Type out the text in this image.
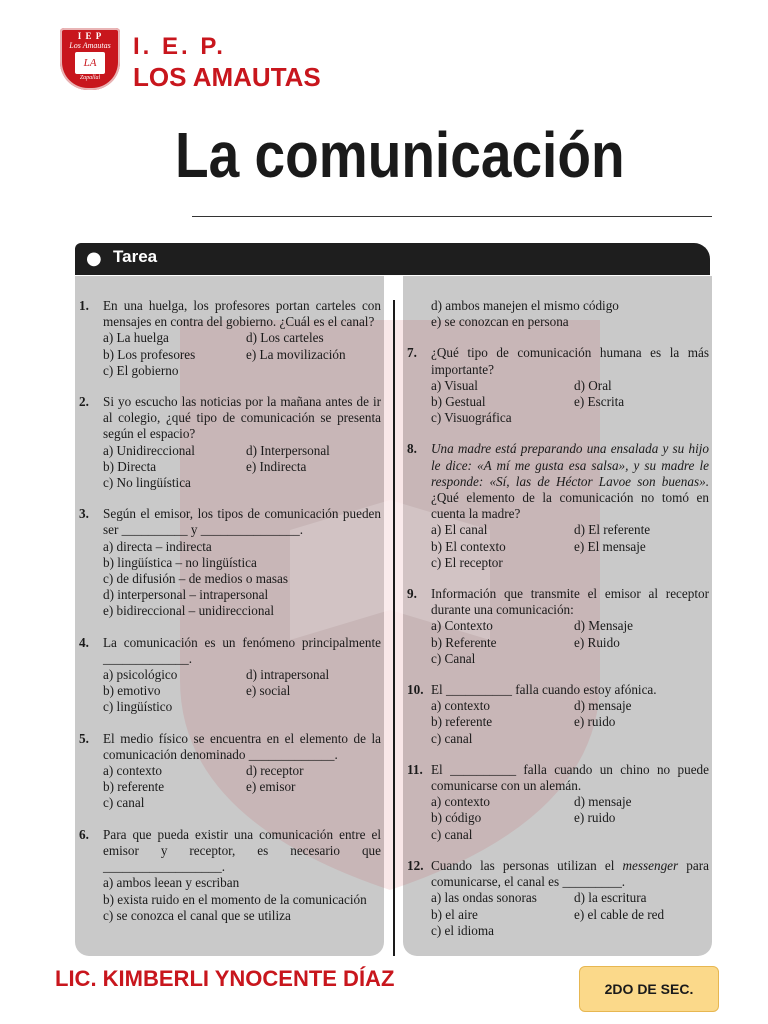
I E P
Los Amautas
LA
Zapallal
I. E. P.
LOS AMAUTAS
La comunicación
● Tarea
1.	En una huelga, los profesores portan carteles con mensajes en contra del gobierno. ¿Cuál es el canal?
a) La huelga	d) Los carteles
b) Los profesores	e) La movilización
c) El gobierno
2.	Si yo escucho las noticias por la mañana antes de ir al colegio, ¿qué tipo de comunicación se presenta según el espacio?
a) Unidireccional	d) Interpersonal
b) Directa	e) Indirecta
c) No lingüística
3.	Según el emisor, los tipos de comunicación pueden ser __________ y _______________.
a) directa – indirecta
b) lingüística – no lingüística
c) de difusión – de medios o masas
d) interpersonal – intrapersonal
e) bidireccional – unidireccional
4.	La comunicación es un fenómeno principalmente _____________.
a) psicológico	d) intrapersonal
b) emotivo	e) social
c) lingüístico
5.	El medio físico se encuentra en el elemento de la comunicación denominado _____________.
a) contexto	d) receptor
b) referente	e) emisor
c) canal
6.	Para que pueda existir una comunicación entre el emisor y receptor, es necesario que __________________.
a) ambos leean y escriban
b) exista ruido en el momento de la comunicación
c) se conozca el canal que se utiliza
d) ambos manejen el mismo código
e) se conozcan en persona
7.	¿Qué tipo de comunicación humana es la más importante?
a) Visual	d) Oral
b) Gestual	e) Escrita
c) Visuográfica
8.	Una madre está preparando una ensalada y su hijo le dice: «A mí me gusta esa salsa», y su madre le responde: «Sí, las de Héctor Lavoe son buenas». ¿Qué elemento de la comunicación no tomó en cuenta la madre?
a) El canal	d) El referente
b) El contexto	e) El mensaje
c) El receptor
9.	Información que transmite el emisor al receptor durante una comunicación:
a) Contexto	d) Mensaje
b) Referente	e) Ruido
c) Canal
10. El __________ falla cuando estoy afónica.
a) contexto	d) mensaje
b) referente	e) ruido
c) canal
11. El __________ falla cuando un chino no puede comunicarse con un alemán.
a) contexto	d) mensaje
b) código	e) ruido
c) canal
12. Cuando las personas utilizan el messenger para comunicarse, el canal es _________.
a) las ondas sonoras	d) la escritura
b) el aire	e) el cable de red
c) el idioma
LIC. KIMBERLI YNOCENTE DÍAZ	2DO DE SEC.
